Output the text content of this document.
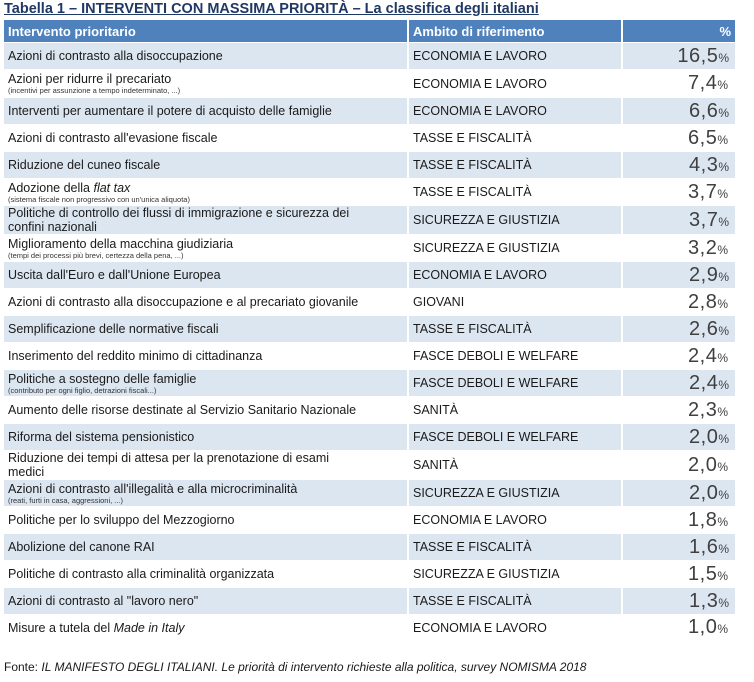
Tabella 1 – INTERVENTI CON MASSIMA PRIORITÀ – La classifica degli italiani
Intervento prioritario	Ambito di riferimento	%

Azioni di contrasto alla disoccupazione	ECONOMIA E LAVORO	16,5%

Azioni per ridurre il precariato
(incentivi per assunzione a tempo indeterminato, ...)	ECONOMIA E LAVORO	7,4%

Interventi per aumentare il potere di acquisto delle famiglie	ECONOMIA E LAVORO	6,6%

Azioni di contrasto all'evasione fiscale	TASSE E FISCALITÀ	6,5%

Riduzione del cuneo fiscale	TASSE E FISCALITÀ	4,3%

Adozione della flat tax
(sistema fiscale non progressivo con un'unica aliquota)	TASSE E FISCALITÀ	3,7%

Politiche di controllo dei flussi di immigrazione e sicurezza dei
confini nazionali	SICUREZZA E GIUSTIZIA	3,7%

Miglioramento della macchina giudiziaria
(tempi dei processi più brevi, certezza della pena, ...)	SICUREZZA E GIUSTIZIA	3,2%

Uscita dall'Euro e dall'Unione Europea	ECONOMIA E LAVORO	2,9%

Azioni di contrasto alla disoccupazione e al precariato giovanile	GIOVANI	2,8%

Semplificazione delle normative fiscali	TASSE E FISCALITÀ	2,6%

Inserimento del reddito minimo di cittadinanza	FASCE DEBOLI E WELFARE	2,4%

Politiche a sostegno delle famiglie
(contributo per ogni figlio, detrazioni fiscali...)	FASCE DEBOLI E WELFARE	2,4%

Aumento delle risorse destinate al Servizio Sanitario Nazionale	SANITÀ	2,3%

Riforma del sistema pensionistico	FASCE DEBOLI E WELFARE	2,0%

Riduzione dei tempi di attesa per la prenotazione di esami
medici	SANITÀ	2,0%

Azioni di contrasto all'illegalità e alla microcriminalità
(reati, furti in casa, aggressioni, ...)	SICUREZZA E GIUSTIZIA	2,0%

Politiche per lo sviluppo del Mezzogiorno	ECONOMIA E LAVORO	1,8%

Abolizione del canone RAI	TASSE E FISCALITÀ	1,6%

Politiche di contrasto alla criminalità organizzata	SICUREZZA E GIUSTIZIA	1,5%

Azioni di contrasto al "lavoro nero"	TASSE E FISCALITÀ	1,3%

Misure a tutela del Made in Italy	ECONOMIA E LAVORO	1,0%
Fonte: IL MANIFESTO DEGLI ITALIANI. Le priorità di intervento richieste alla politica, survey NOMISMA 2018
